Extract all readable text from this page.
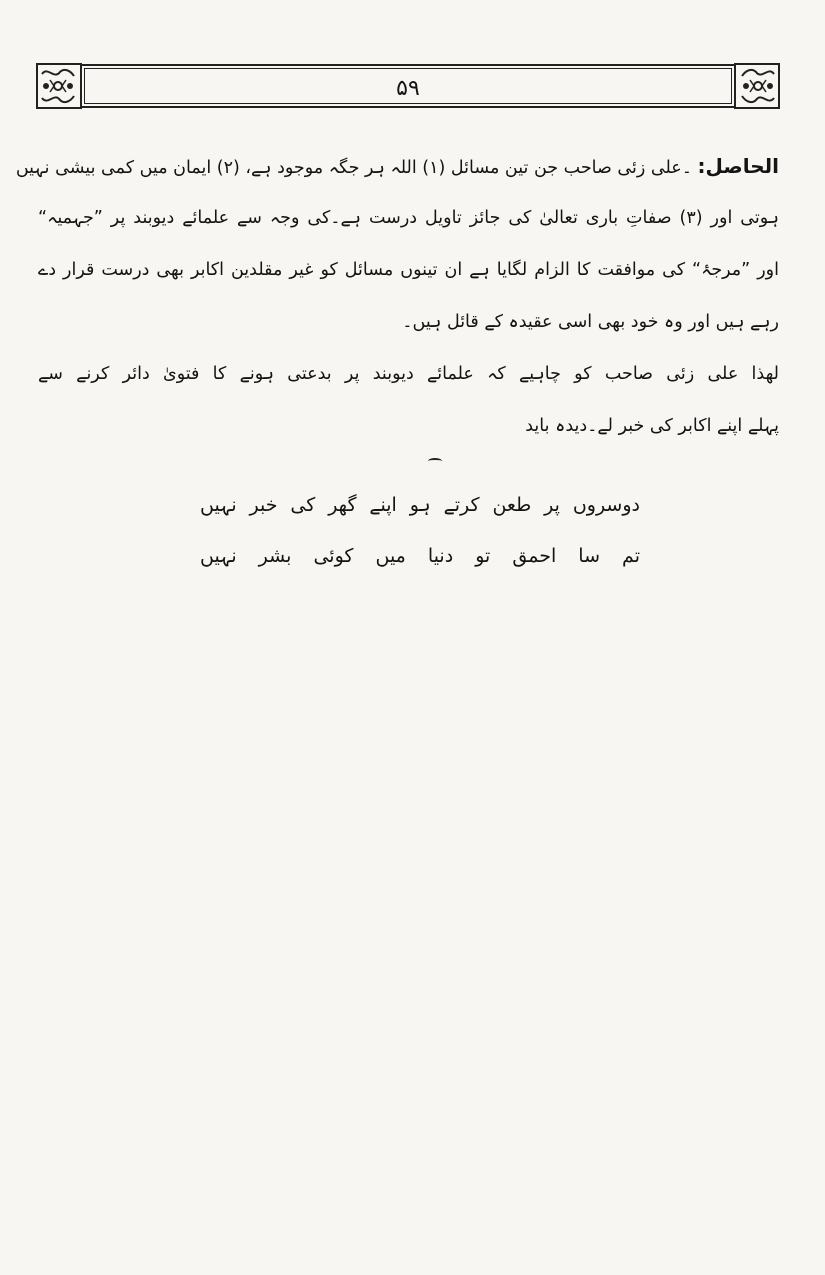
۵۹
الحاصل: ۔علی زئی صاحب جن تین مسائل (۱) اللہ ہر جگہ موجود ہے، (۲) ایمان میں کمی بیشی نہیں
ہوتی اور (۳) صفاتِ باری تعالیٰ کی جائز تاویل درست ہے۔کی وجہ سے علمائے دیوبند پر ”جہمیہ“
اور ”مرجۂ“ کی موافقت کا الزام لگایا ہے ان تینوں مسائل کو غیر مقلدین اکابر بھی درست قرار دے
رہے ہیں اور وہ خود بھی اسی عقیدہ کے قائل ہیں۔
لھذا علی زئی صاحب کو چاہیے کہ علمائے دیوبند پر بدعتی ہونے کا فتویٰ دائر کرنے سے
پہلے اپنے اکابر کی خبر لے۔دیدہ باید
دوسروں پر طعن کرتے ہو اپنے گھر کی خبر نہیں
تم سا احمق تو دنیا میں کوئی بشر نہیں
